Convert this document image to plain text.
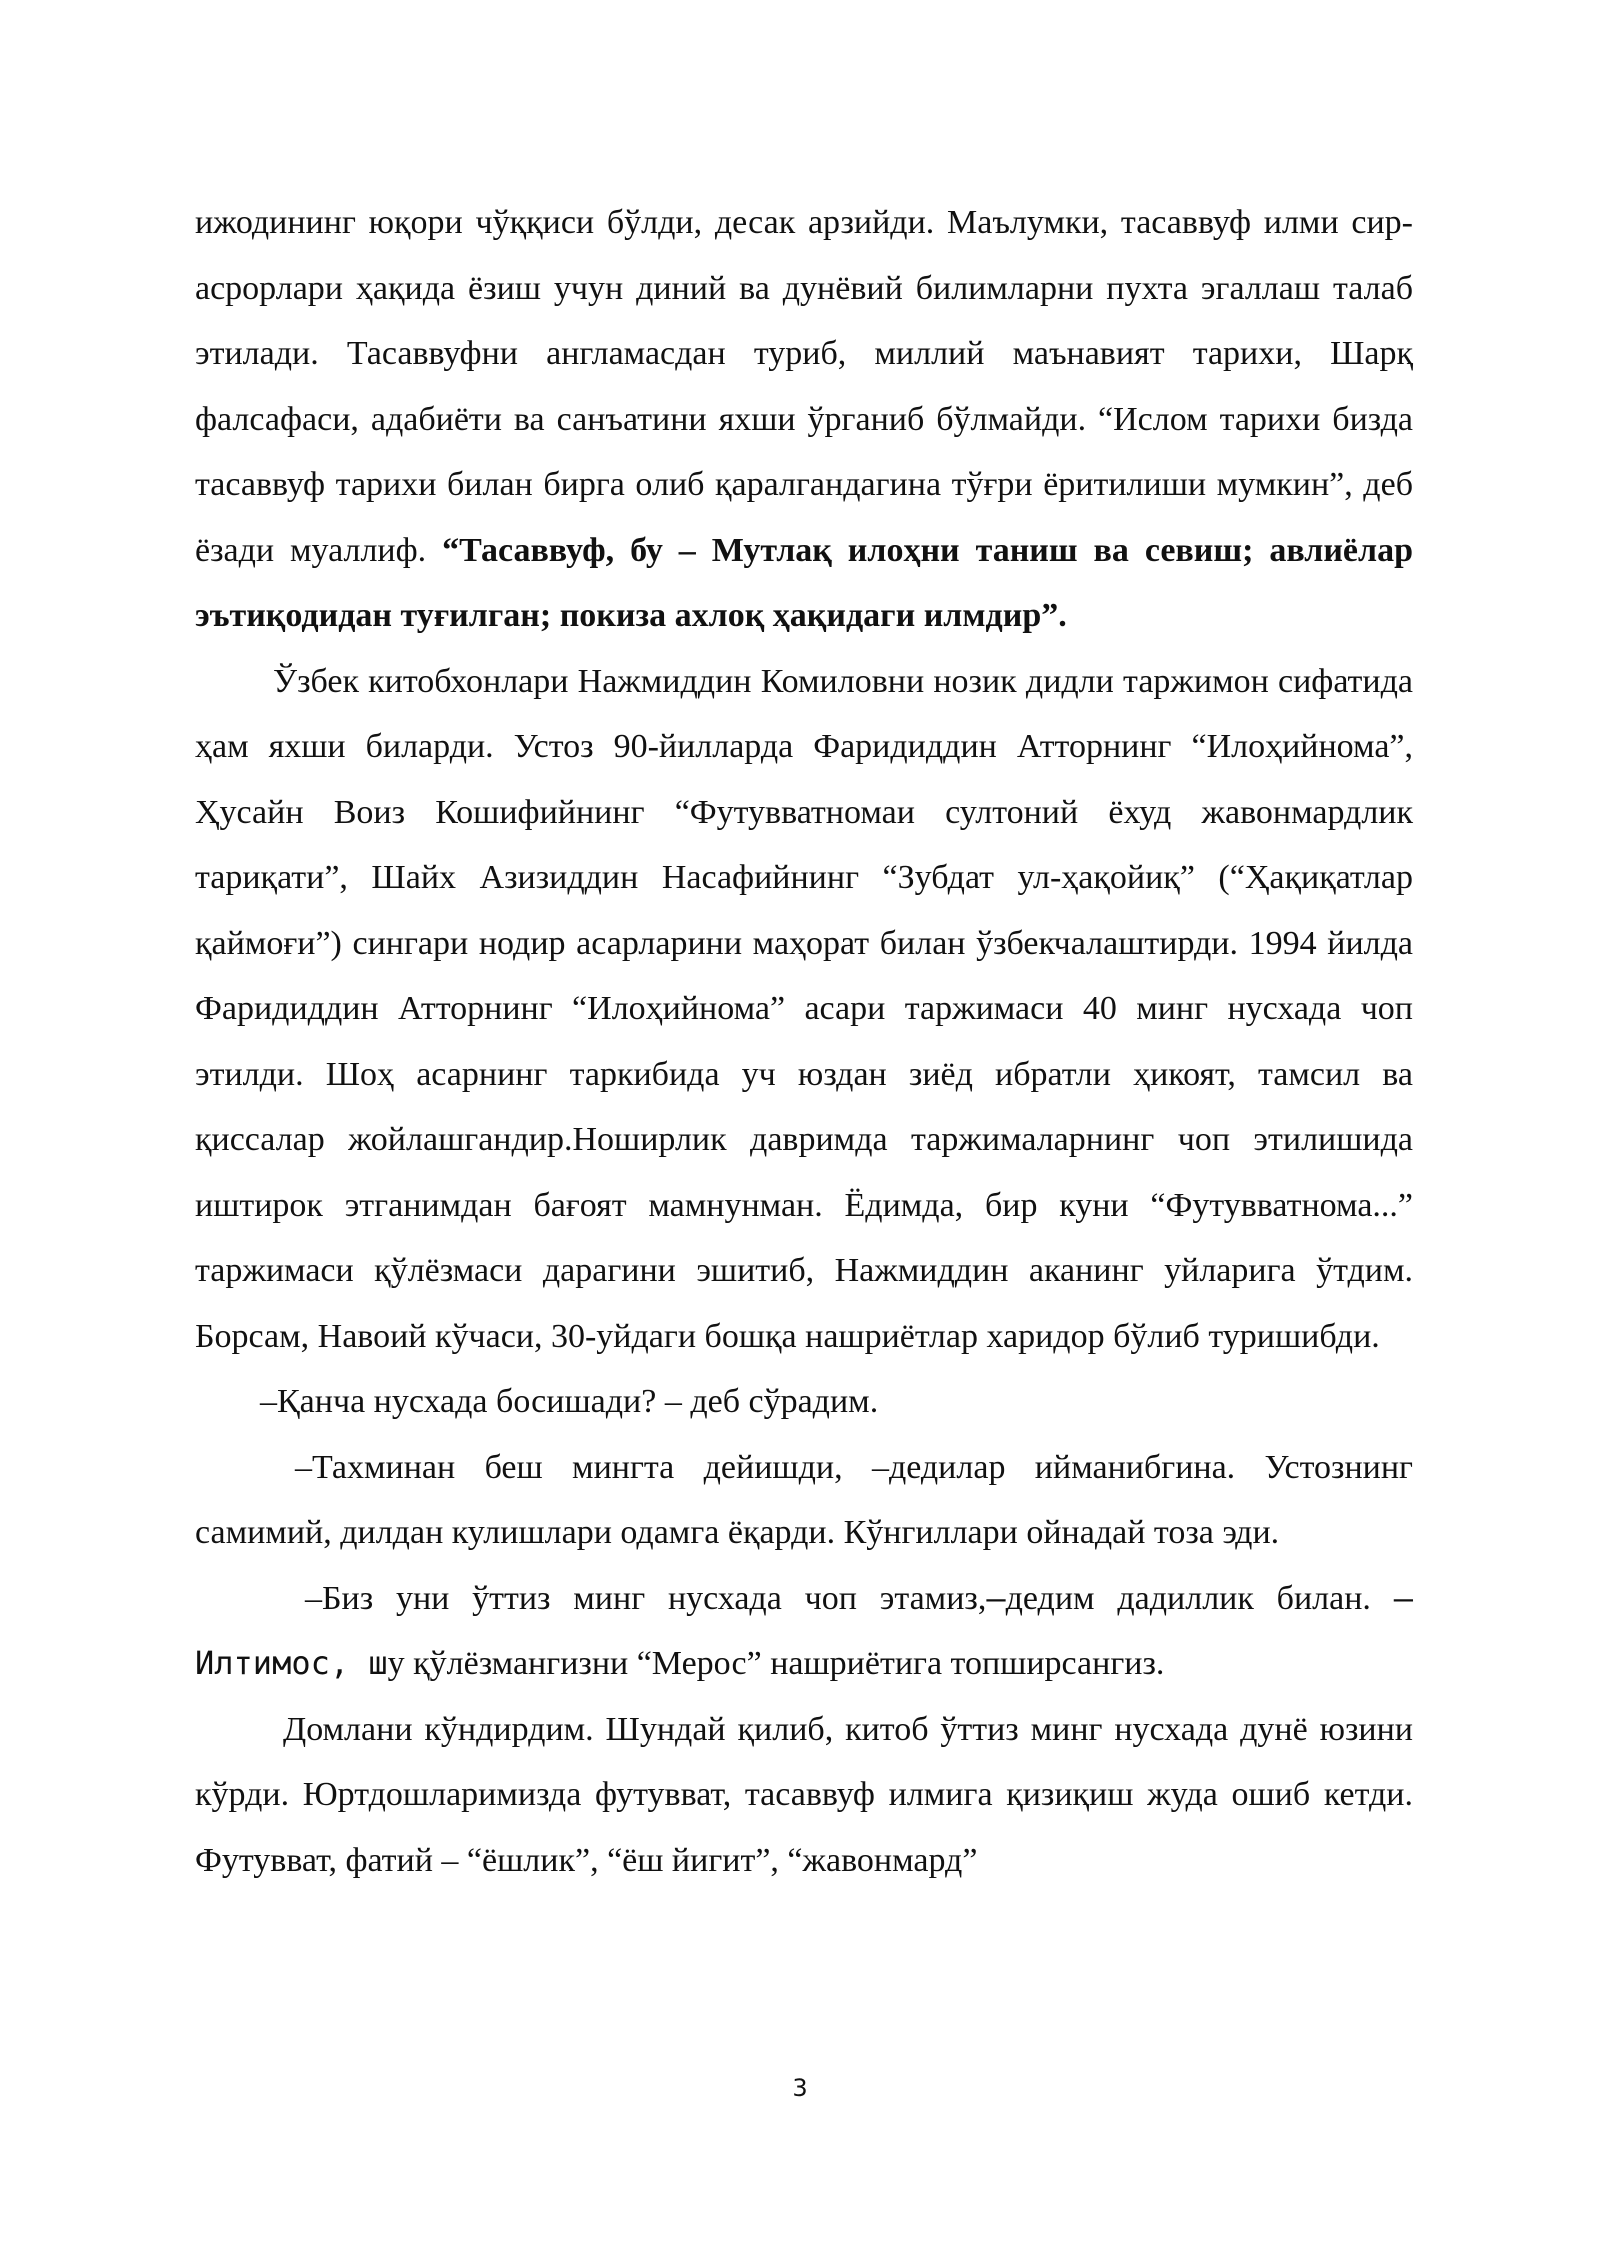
ижодининг юқори чўққиси бўлди, десак арзийди. Маълумки, тасаввуф илми сир-асрорлари ҳақида ёзиш учун диний ва дунёвий билимларни пухта эгаллаш талаб этилади. Тасаввуфни англамасдан туриб, миллий маънавият тарихи, Шарқ фалсафаси, адабиёти ва санъатини яхши ўрганиб бўлмайди. “Ислом тарихи бизда тасаввуф тарихи билан бирга олиб қаралгандагина тўғри ёритилиши мумкин”, деб ёзади муаллиф. “Тасаввуф, бу – Мутлақ илоҳни таниш ва севиш; авлиёлар эътиқодидан туғилган; покиза ахлоқ ҳақидаги илмдир”.

Ўзбек китобхонлари Нажмиддин Комиловни нозик дидли таржимон сифатида ҳам яхши биларди. Устоз 90-йилларда Фаридиддин Атторнинг “Илоҳийнома”, Ҳусайн Воиз Кошифийнинг “Футувватномаи султоний ёхуд жавонмардлик тариқати”, Шайх Азизиддин Насафийнинг “Зубдат ул-ҳақойиқ” (“Ҳақиқатлар қаймоғи”) сингари нодир асарларини маҳорат билан ўзбекчалаштирди. 1994 йилда Фаридиддин Атторнинг “Илоҳийнома” асари таржимаси 40 минг нусхада чоп этилди. Шоҳ асарнинг таркибида уч юздан зиёд ибратли ҳикоят, тамсил ва қиссалар жойлашгандир.Ноширлик давримда таржималарнинг чоп этилишида иштирок этганимдан бағоят мамнунман. Ёдимда, бир куни “Футувватнома...” таржимаси қўлёзмаси дарагини эшитиб, Нажмиддин аканинг уйларига ўтдим. Борсам, Навоий кўчаси, 30-уйдаги бошқа нашриётлар харидор бўлиб туришибди.

–Қанча нусхада босишади? – деб сўрадим.

–Тахминан беш мингта дейишди, –дедилар ийманибгина. Устознинг самимий, дилдан кулишлари одамга ёқарди. Кўнгиллари ойнадай тоза эди.

–Биз уни ўттиз минг нусхада чоп этамиз,–дедим дадиллик билан. – Илтимос, шу қўлёзмангизни “Мерос” нашриётига топширсангиз.

Домлани кўндирдим. Шундай қилиб, китоб ўттиз минг нусхада дунё юзини кўрди. Юртдошларимизда футувват, тасаввуф илмига қизиқиш жуда ошиб кетди. Футувват, фатий – “ёшлик”, “ёш йигит”, “жавонмард”

3
